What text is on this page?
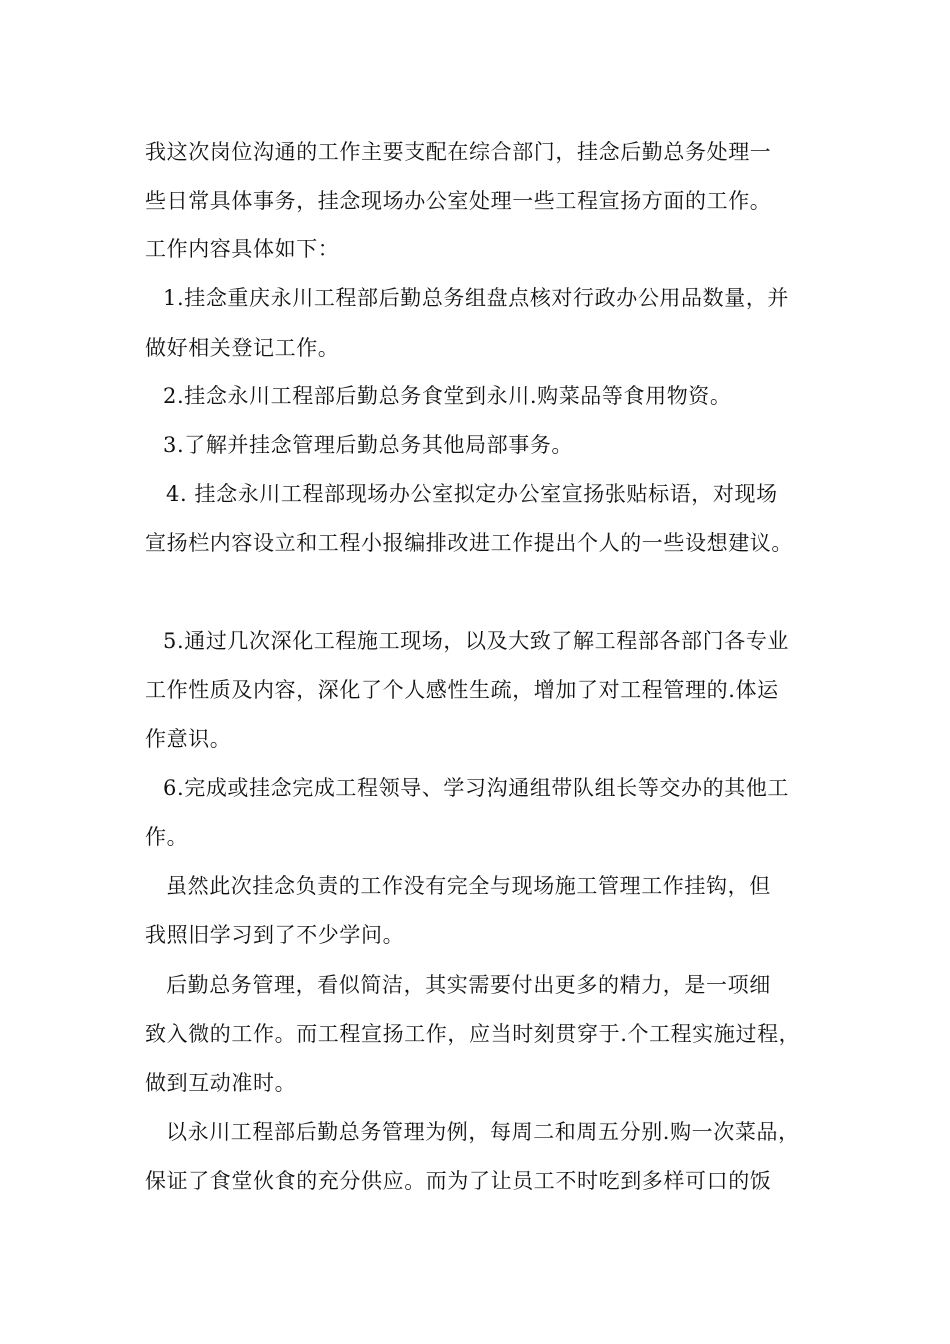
我这次岗位沟通的工作主要支配在综合部门，挂念后勤总务处理一
些日常具体事务，挂念现场办公室处理一些工程宣扬方面的工作。
工作内容具体如下：
1.挂念重庆永川工程部后勤总务组盘点核对行政办公用品数量，并
做好相关登记工作。
2.挂念永川工程部后勤总务食堂到永川.购菜品等食用物资。
3.了解并挂念管理后勤总务其他局部事务。
4. 挂念永川工程部现场办公室拟定办公室宣扬张贴标语，对现场
宣扬栏内容设立和工程小报编排改进工作提出个人的一些设想建议。
5.通过几次深化工程施工现场，以及大致了解工程部各部门各专业
工作性质及内容，深化了个人感性生疏，增加了对工程管理的.体运
作意识。
6.完成或挂念完成工程领导、学习沟通组带队组长等交办的其他工
作。
虽然此次挂念负责的工作没有完全与现场施工管理工作挂钩，但
我照旧学习到了不少学问。
后勤总务管理，看似简洁，其实需要付出更多的精力，是一项细
致入微的工作。而工程宣扬工作，应当时刻贯穿于.个工程实施过程，
做到互动准时。
以永川工程部后勤总务管理为例，每周二和周五分别.购一次菜品，
保证了食堂伙食的充分供应。而为了让员工不时吃到多样可口的饭
